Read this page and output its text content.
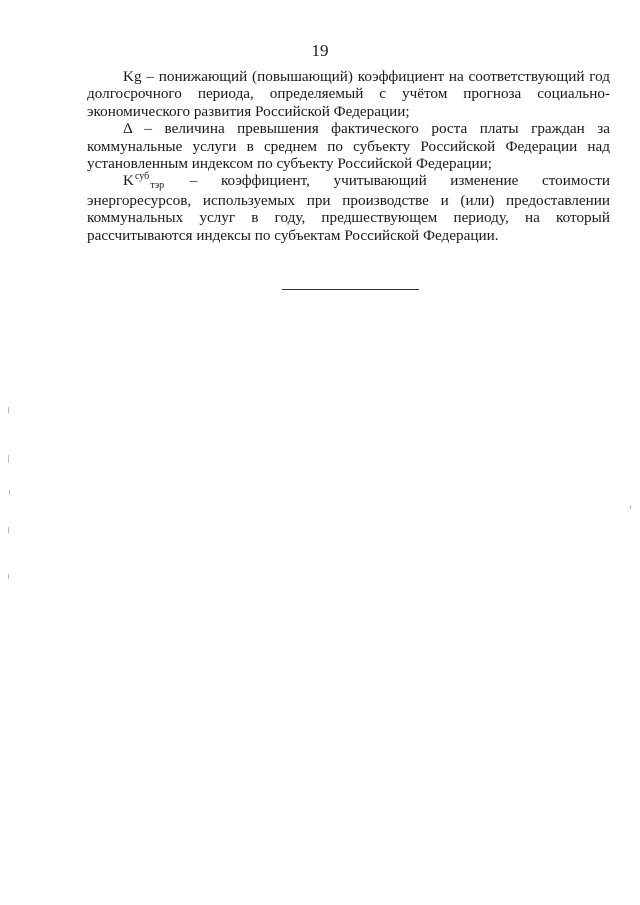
19

Kg – понижающий (повышающий) коэффициент на соответствующий год долгосрочного периода, определяемый с учётом прогноза социально-экономического развития Российской Федерации;

Δ – величина превышения фактического роста платы граждан за коммунальные услуги в среднем по субъекту Российской Федерации над установленным индексом по субъекту Российской Федерации;

$K^{суб}тэр$ – коэффициент, учитывающий изменение стоимости энергоресурсов, используемых при производстве и (или) предоставлении коммунальных услуг в году, предшествующем периоду, на который рассчитываются индексы по субъектам Российской Федерации.
